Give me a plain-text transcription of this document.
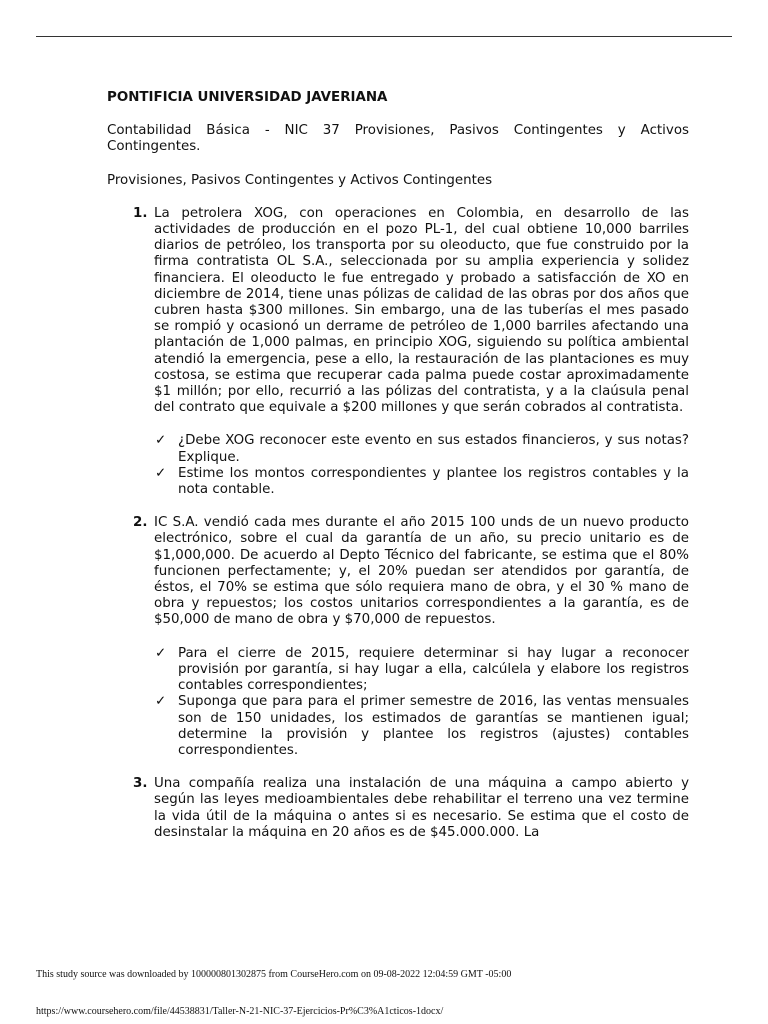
PONTIFICIA UNIVERSIDAD JAVERIANA
Contabilidad Básica - NIC 37 Provisiones, Pasivos Contingentes y Activos Contingentes.
Provisiones, Pasivos Contingentes y Activos Contingentes
1. La petrolera XOG, con operaciones en Colombia, en desarrollo de las actividades de producción en el pozo PL-1, del cual obtiene 10,000 barriles diarios de petróleo, los transporta por su oleoducto, que fue construido por la firma contratista OL S.A., seleccionada por su amplia experiencia y solidez financiera. El oleoducto le fue entregado y probado a satisfacción de XO en diciembre de 2014, tiene unas pólizas de calidad de las obras por dos años que cubren hasta $300 millones. Sin embargo, una de las tuberías el mes pasado se rompió y ocasionó un derrame de petróleo de 1,000 barriles afectando una plantación de 1,000 palmas, en principio XOG, siguiendo su política ambiental atendió la emergencia, pese a ello, la restauración de las plantaciones es muy costosa, se estima que recuperar cada palma puede costar aproximadamente $1 millón; por ello, recurrió a las pólizas del contratista, y a la claúsula penal del contrato que equivale a $200 millones y que serán cobrados al contratista.
✓ ¿Debe XOG reconocer este evento en sus estados financieros, y sus notas? Explique.
✓ Estime los montos correspondientes y plantee los registros contables y la nota contable.
2. IC S.A. vendió cada mes durante el año 2015 100 unds de un nuevo producto electrónico, sobre el cual da garantía de un año, su precio unitario es de $1,000,000. De acuerdo al Depto Técnico del fabricante, se estima que el 80% funcionen perfectamente; y, el 20% puedan ser atendidos por garantía, de éstos, el 70% se estima que sólo requiera mano de obra, y el 30 % mano de obra y repuestos; los costos unitarios correspondientes a la garantía, es de $50,000 de mano de obra y $70,000 de repuestos.
✓ Para el cierre de 2015, requiere determinar si hay lugar a reconocer provisión por garantía, si hay lugar a ella, calcúlela y elabore los registros contables correspondientes;
✓ Suponga que para para el primer semestre de 2016, las ventas mensuales son de 150 unidades, los estimados de garantías se mantienen igual; determine la provisión y plantee los registros (ajustes) contables correspondientes.
3. Una compañía realiza una instalación de una máquina a campo abierto y según las leyes medioambientales debe rehabilitar el terreno una vez termine la vida útil de la máquina o antes si es necesario. Se estima que el costo de desinstalar la máquina en 20 años es de $45.000.000. La
This study source was downloaded by 100000801302875 from CourseHero.com on 09-08-2022 12:04:59 GMT -05:00
https://www.coursehero.com/file/44538831/Taller-N-21-NIC-37-Ejercicios-Pr%C3%A1cticos-1docx/
